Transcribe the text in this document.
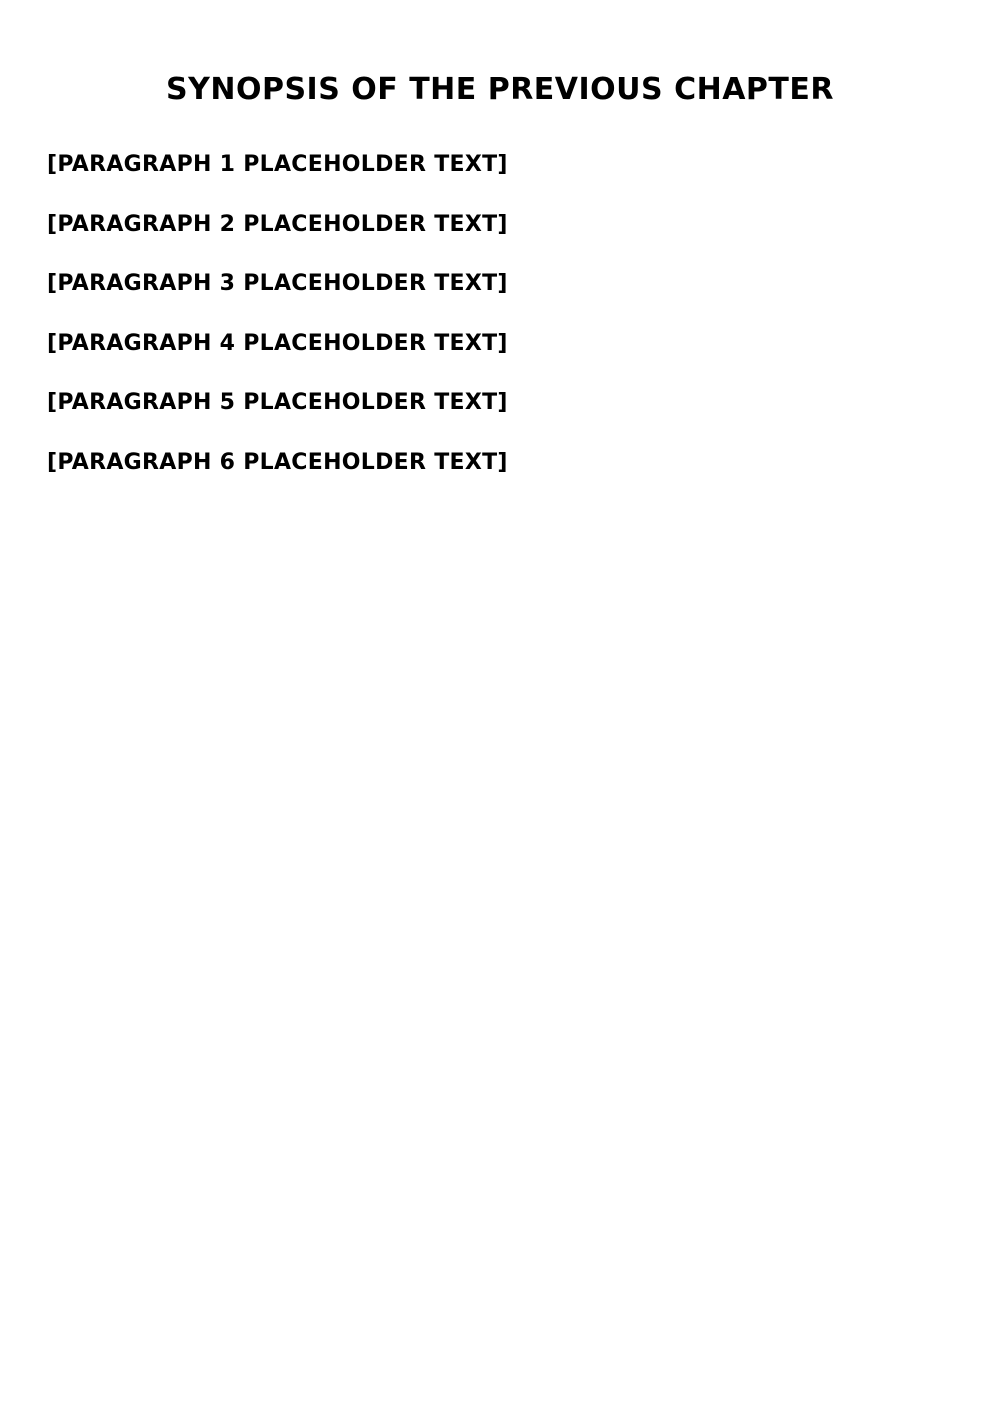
SYNOPSIS OF THE PREVIOUS CHAPTER

[PARAGRAPH 1 PLACEHOLDER TEXT]

[PARAGRAPH 2 PLACEHOLDER TEXT]

[PARAGRAPH 3 PLACEHOLDER TEXT]

[PARAGRAPH 4 PLACEHOLDER TEXT]

[PARAGRAPH 5 PLACEHOLDER TEXT]

[PARAGRAPH 6 PLACEHOLDER TEXT]
